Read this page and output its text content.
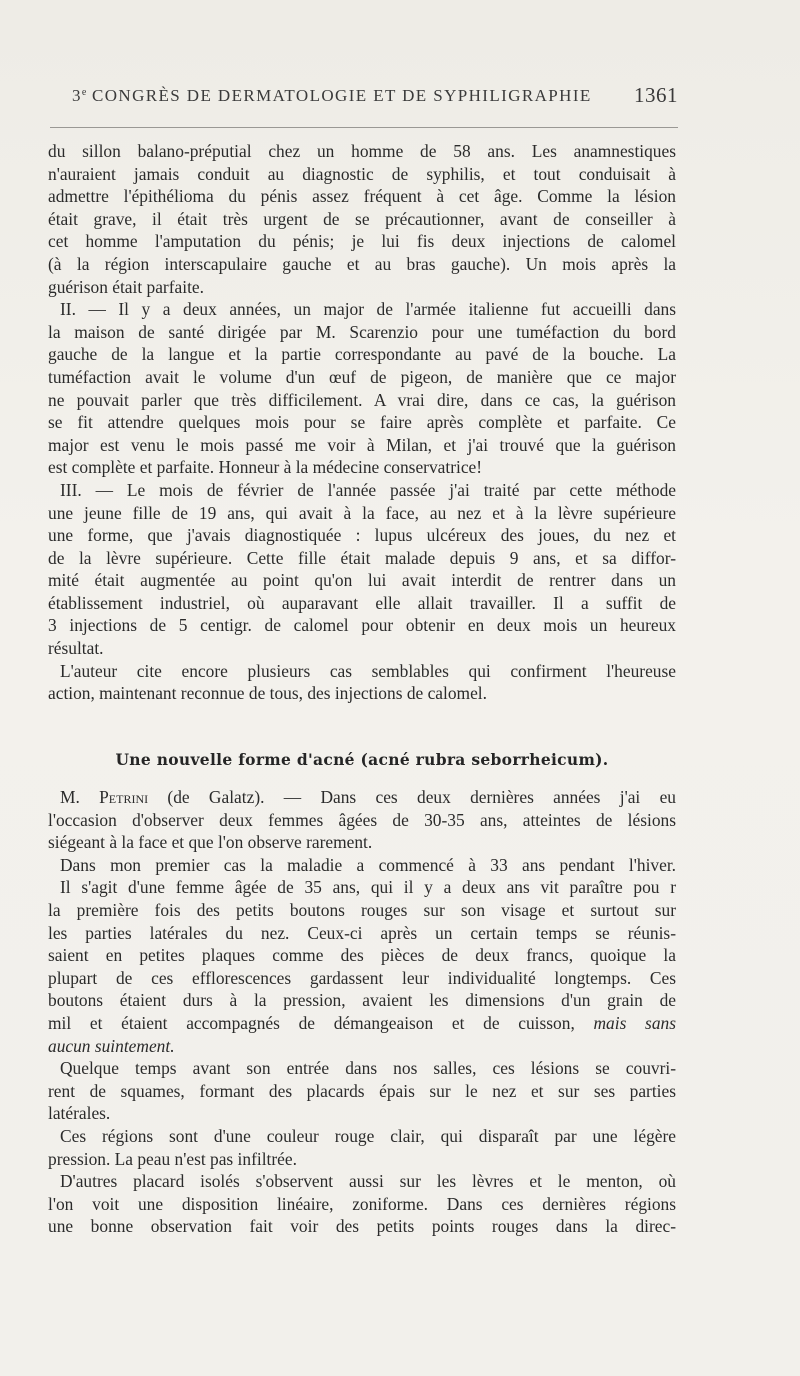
3e CONGRÈS DE DERMATOLOGIE ET DE SYPHILIGRAPHIE 1361
du sillon balano-préputial chez un homme de 58 ans. Les anamnestiques
n'auraient jamais conduit au diagnostic de syphilis, et tout conduisait à
admettre l'épithélioma du pénis assez fréquent à cet âge. Comme la lésion
était grave, il était très urgent de se précautionner, avant de conseiller à
cet homme l'amputation du pénis; je lui fis deux injections de calomel
(à la région interscapulaire gauche et au bras gauche). Un mois après la
guérison était parfaite.
II. — Il y a deux années, un major de l'armée italienne fut accueilli dans
la maison de santé dirigée par M. Scarenzio pour une tuméfaction du bord
gauche de la langue et la partie correspondante au pavé de la bouche. La
tuméfaction avait le volume d'un œuf de pigeon, de manière que ce major
ne pouvait parler que très difficilement. A vrai dire, dans ce cas, la guérison
se fit attendre quelques mois pour se faire après complète et parfaite. Ce
major est venu le mois passé me voir à Milan, et j'ai trouvé que la guérison
est complète et parfaite. Honneur à la médecine conservatrice!
III. — Le mois de février de l'année passée j'ai traité par cette méthode
une jeune fille de 19 ans, qui avait à la face, au nez et à la lèvre supérieure
une forme, que j'avais diagnostiquée : lupus ulcéreux des joues, du nez et
de la lèvre supérieure. Cette fille était malade depuis 9 ans, et sa diffor-
mité était augmentée au point qu'on lui avait interdit de rentrer dans un
établissement industriel, où auparavant elle allait travailler. Il a suffit de
3 injections de 5 centigr. de calomel pour obtenir en deux mois un heureux
résultat.
L'auteur cite encore plusieurs cas semblables qui confirment l'heureuse
action, maintenant reconnue de tous, des injections de calomel.
Une nouvelle forme d'acné (acné rubra seborrheicum).
M. Petrini (de Galatz). — Dans ces deux dernières années j'ai eu
l'occasion d'observer deux femmes âgées de 30-35 ans, atteintes de lésions
siégeant à la face et que l'on observe rarement.
Dans mon premier cas la maladie a commencé à 33 ans pendant l'hiver.
Il s'agit d'une femme âgée de 35 ans, qui il y a deux ans vit paraître pou r
la première fois des petits boutons rouges sur son visage et surtout sur
les parties latérales du nez. Ceux-ci après un certain temps se réunis-
saient en petites plaques comme des pièces de deux francs, quoique la
plupart de ces efflorescences gardassent leur individualité longtemps. Ces
boutons étaient durs à la pression, avaient les dimensions d'un grain de
mil et étaient accompagnés de démangeaison et de cuisson, mais sans
aucun suintement.
Quelque temps avant son entrée dans nos salles, ces lésions se couvri-
rent de squames, formant des placards épais sur le nez et sur ses parties
latérales.
Ces régions sont d'une couleur rouge clair, qui disparaît par une légère
pression. La peau n'est pas infiltrée.
D'autres placard isolés s'observent aussi sur les lèvres et le menton, où
l'on voit une disposition linéaire, zoniforme. Dans ces dernières régions
une bonne observation fait voir des petits points rouges dans la direc-
